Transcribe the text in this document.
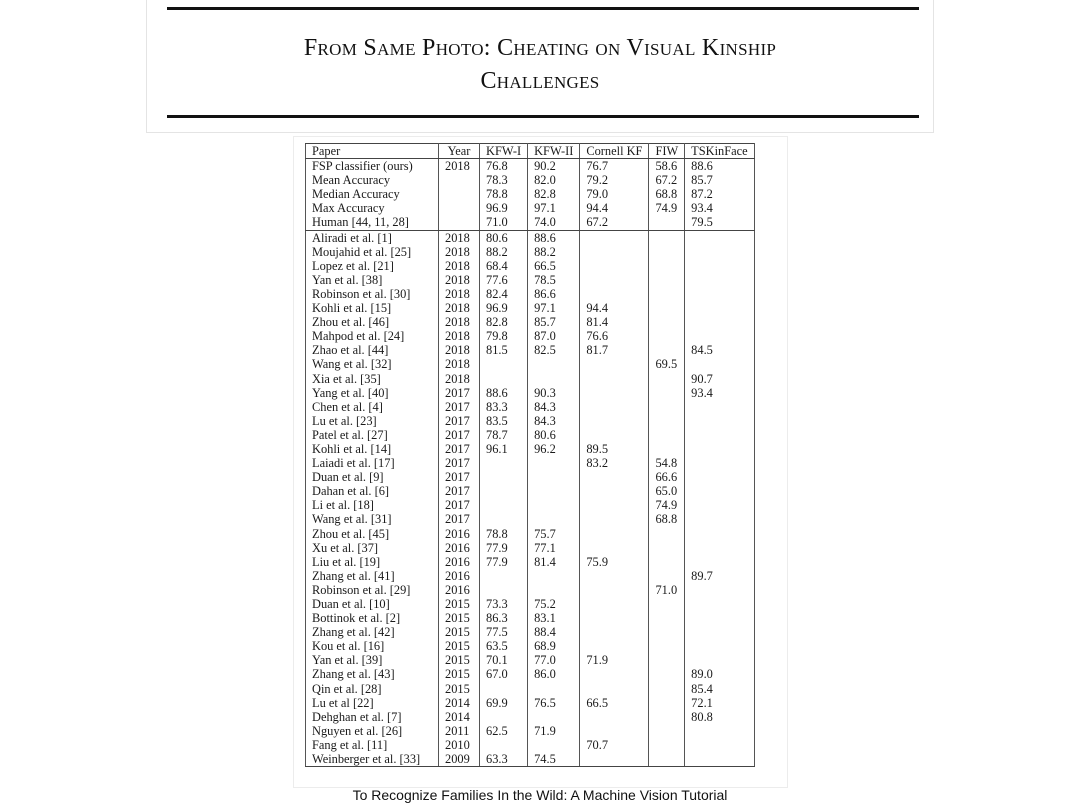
From Same Photo: Cheating on Visual Kinship
Challenges
Paper	Year	KFW-I	KFW-II	Cornell KF	FIW	TSKinFace
FSP classifier (ours)	2018	76.8	90.2	76.7	58.6	88.6
Mean Accuracy		78.3	82.0	79.2	67.2	85.7
Median Accuracy		78.8	82.8	79.0	68.8	87.2
Max Accuracy		96.9	97.1	94.4	74.9	93.4
Human [44, 11, 28]		71.0	74.0	67.2		79.5
Aliradi et al. [1]	2018	80.6	88.6			
Moujahid et al. [25]	2018	88.2	88.2			
Lopez et al. [21]	2018	68.4	66.5			
Yan et al. [38]	2018	77.6	78.5			
Robinson et al. [30]	2018	82.4	86.6			
Kohli et al. [15]	2018	96.9	97.1	94.4		
Zhou et al. [46]	2018	82.8	85.7	81.4		
Mahpod et al. [24]	2018	79.8	87.0	76.6		
Zhao et al. [44]	2018	81.5	82.5	81.7		84.5
Wang et al. [32]	2018				69.5	
Xia et al. [35]	2018					90.7
Yang et al. [40]	2017	88.6	90.3			93.4
Chen et al. [4]	2017	83.3	84.3			
Lu et al. [23]	2017	83.5	84.3			
Patel et al. [27]	2017	78.7	80.6			
Kohli et al. [14]	2017	96.1	96.2	89.5		
Laiadi et al. [17]	2017			83.2	54.8	
Duan et al. [9]	2017				66.6	
Dahan et al. [6]	2017				65.0	
Li et al. [18]	2017				74.9	
Wang et al. [31]	2017				68.8	
Zhou et al. [45]	2016	78.8	75.7			
Xu et al. [37]	2016	77.9	77.1			
Liu et al. [19]	2016	77.9	81.4	75.9		
Zhang et al. [41]	2016					89.7
Robinson et al. [29]	2016				71.0	
Duan et al. [10]	2015	73.3	75.2			
Bottinok et al. [2]	2015	86.3	83.1			
Zhang et al. [42]	2015	77.5	88.4			
Kou et al. [16]	2015	63.5	68.9			
Yan et al. [39]	2015	70.1	77.0	71.9		
Zhang et al. [43]	2015	67.0	86.0			89.0
Qin et al. [28]	2015					85.4
Lu et al [22]	2014	69.9	76.5	66.5		72.1
Dehghan et al. [7]	2014					80.8
Nguyen et al. [26]	2011	62.5	71.9			
Fang et al. [11]	2010			70.7		
Weinberger et al. [33]	2009	63.3	74.5			
To Recognize Families In the Wild: A Machine Vision Tutorial
